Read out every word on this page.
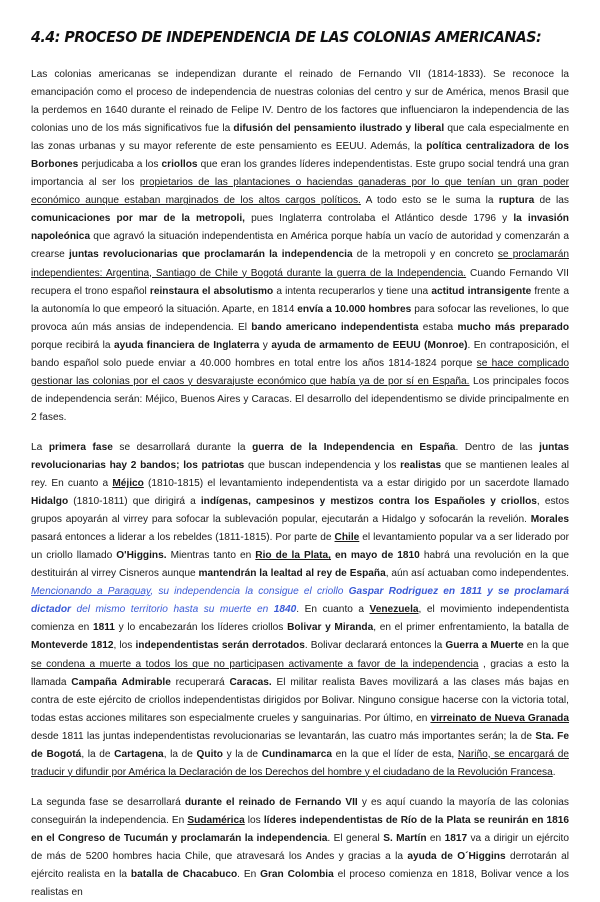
4.4: PROCESO DE INDEPENDENCIA DE LAS COLONIAS AMERICANAS:

Las colonias americanas se independizan durante el reinado de Fernando VII (1814-1833). Se reconoce la emancipación como el proceso de independencia de nuestras colonias del centro y sur de América, menos Brasil que la perdemos en 1640 durante el reinado de Felipe IV. Dentro de los factores que influenciaron la independencia de las colonias uno de los más significativos fue la difusión del pensamiento ilustrado y liberal que cala especialmente en las zonas urbanas y su mayor referente de este pensamiento es EEUU. Además, la política centralizadora de los Borbones perjudicaba a los criollos que eran los grandes líderes independentistas. Este grupo social tendrá una gran importancia al ser los propietarios de las plantaciones o haciendas ganaderas por lo que tenían un gran poder económico aunque estaban marginados de los altos cargos políticos. A todo esto se le suma la ruptura de las comunicaciones por mar de la metropoli, pues Inglaterra controlaba el Atlántico desde 1796 y la invasión napoleónica que agravó la situación independentista en América porque había un vacío de autoridad y comenzarán a crearse juntas revolucionarias que proclamarán la independencia de la metropoli y en concreto se proclamarán independientes: Argentina, Santiago de Chile y Bogotá durante la guerra de la Independencia. Cuando Fernando VII recupera el trono español reinstaura el absolutismo a intenta recuperarlos y tiene una actitud intransigente frente a la autonomía lo que empeoró la situación. Aparte, en 1814 envía a 10.000 hombres para sofocar las reveliones, lo que provoca aún más ansias de independencia. El bando americano independentista estaba mucho más preparado porque recibirá la ayuda financiera de Inglaterra y ayuda de armamento de EEUU (Monroe). En contraposición, el bando español solo puede enviar a 40.000 hombres en total entre los años 1814-1824 porque se hace complicado gestionar las colonias por el caos y desvarajuste económico que había ya de por sí en España. Los principales focos de independencia serán: Méjico, Buenos Aires y Caracas. El desarrollo del idependentismo se divide principalmente en 2 fases.

La primera fase se desarrollará durante la guerra de la Independencia en España. Dentro de las juntas revolucionarias hay 2 bandos; los patriotas que buscan independencia y los realistas que se mantienen leales al rey. En cuanto a Méjico (1810-1815) el levantamiento independentista va a estar dirigido por un sacerdote llamado Hidalgo (1810-1811) que dirigirá a indígenas, campesinos y mestizos contra los Españoles y criollos, estos grupos apoyarán al virrey para sofocar la sublevación popular, ejecutarán a Hidalgo y sofocarán la revelión. Morales pasará entonces a liderar a los rebeldes (1811-1815). Por parte de Chile el levantamiento popular va a ser liderado por un criollo llamado O'Higgins. Mientras tanto en Rio de la Plata, en mayo de 1810 habrá una revolución en la que destituirán al virrey Cisneros aunque mantendrán la lealtad al rey de España, aún así actuaban como independentes. Mencionando a Paraguay, su independencia la consigue el criollo Gaspar Rodriguez en 1811 y se proclamará dictador del mismo territorio hasta su muerte en 1840. En cuanto a Venezuela, el movimiento independentista comienza en 1811 y lo encabezarán los líderes criollos Bolivar y Miranda, en el primer enfrentamiento, la batalla de Monteverde 1812, los independentistas serán derrotados. Bolivar declarará entonces la Guerra a Muerte en la que se condena a muerte a todos los que no participasen activamente a favor de la independencia , gracias a esto la llamada Campaña Admirable recuperará Caracas. El militar realista Baves movilizará a las clases más bajas en contra de este ejército de criollos independentistas dirigidos por Bolivar. Ninguno consigue hacerse con la victoria total, todas estas acciones militares son especialmente crueles y sanguinarias. Por último, en virreinato de Nueva Granada desde 1811 las juntas independentistas revolucionarias se levantarán, las cuatro más importantes serán; la de Sta. Fe de Bogotá, la de Cartagena, la de Quito y la de Cundinamarca en la que el líder de esta, Nariño, se encargará de traducir y difundir por América la Declaración de los Derechos del hombre y el ciudadano de la Revolución Francesa.

La segunda fase se desarrollará durante el reinado de Fernando VII y es aquí cuando la mayoría de las colonias conseguirán la independencia. En Sudamérica los líderes independentistas de Río de la Plata se reunirán en 1816 en el Congreso de Tucumán y proclamarán la independencia. El general S. Martín en 1817 va a dirigir un ejército de más de 5200 hombres hacia Chile, que atravesará los Andes y gracias a la ayuda de O´Higgins derrotarán al ejército realista en la batalla de Chacabuco. En Gran Colombia el proceso comienza en 1818, Bolivar vence a los realistas en
